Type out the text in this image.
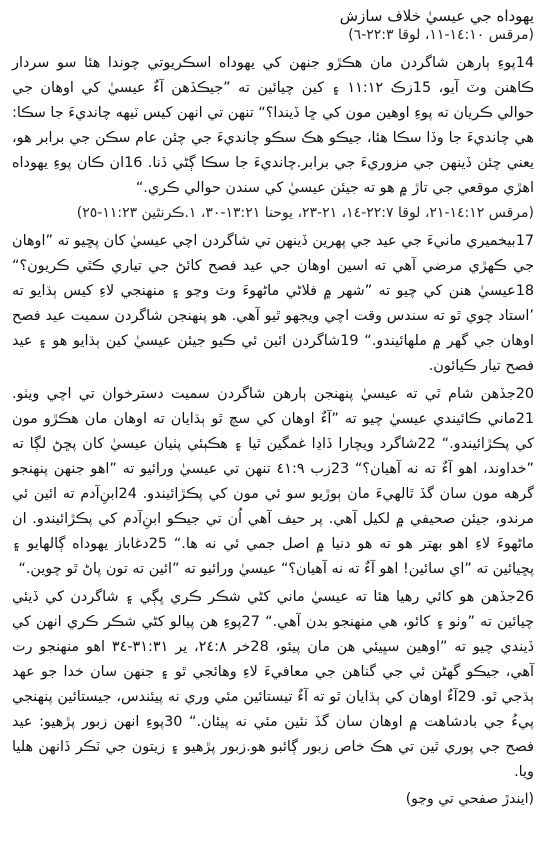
يهوداه جي عيسيٰ خلاف سازش
(مرقس ١٤:١٠-١١، لوقا ٢٢:٣-٦)

14پوءِ ٻارهن شاگردن مان هڪڙو جنهن کي يهوداه اسڪريوتي چوندا هئا سو سردار ڪاهنن وٽ آيو، 15زڪ ١١:١٢ ۽ کين چيائين ته ”جيڪڏهن آءٌ عيسيٰ کي اوهان جي حوالي ڪريان ته پوءِ اوهين مون کي ڇا ڏيندا؟“ تنهن تي انهن کيس ٽيهه چانديءَ جا سڪا: هي چانديءَ جا وڏا سڪا هئا، جيڪو هڪ سڪو چانديءَ جي چئن عام سڪن جي برابر هو، يعني چئن ڏينهن جي مزوريءَ جي برابر.چانديءَ جا سڪا ڳڻي ڏنا. 16ان ڪان پوءِ يهوداه اهڙي موقعي جي تاڙ ۾ هو ته جيئن عيسيٰ کي سندن حوالي ڪري.“

(مرقس ١٤:١٢-٢١، لوقا ٢٢:٧-١٤، ٢١-٢٣، يوحنا ١٣:٢١-٣٠، ١.ڪرنٿين ١١:٢٣-٢٥)

17بيخميري ماني‌ءَ جي عيد جي پهرين ڏينهن تي شاگردن اچي عيسيٰ کان پڇيو ته ”اوهان جي ڪهڙي مرضي آهي ته اسين اوهان جي عيد فصح کائڻ جي تياري ڪٿي ڪريون؟“ 18عيسيٰ هنن کي چيو ته ”شهر ۾ فلاڻي ماڻهوءَ وٽ وڃو ۽ منهنجي لاءِ کيس ٻڌايو ته ’استاد چوي ٿو ته سندس وقت اچي ويجهو ٿيو آهي. هو پنهنجن شاگردن سميت عيد فصح اوهان جي گهر ۾ ملهائيندو.“ 19شاگردن ائين ئي ڪيو جيئن عيسيٰ کين ٻڌايو هو ۽ عيد فصح تيار ڪيائون.

20جڏهن شام ٿي ته عيسيٰ پنهنجن ٻارهن شاگردن سميت دسترخوان تي اچي ويٺو. 21ماني ڪائيندي عيسيٰ چيو ته ”آءٌ اوهان کي سچ ٿو ٻڌايان ته اوهان مان هڪڙو مون کي پڪڙائيندو.“ 22شاگرد ويچارا ڏاڍا غمگين ٿيا ۽ هڪٻئي پٺيان عيسيٰ کان پڇڻ لڳا ته ”خداوند، اهو آءٌ ته نه آهيان؟“ 23زب ٤١:٩ تنهن تي عيسيٰ ورائيو ته ”اهو جنهن پنهنجو گرهه مون سان گڏ ٿالهيءَ مان ٻوڙيو سو ئي مون کي پڪڙائيندو. 24ابنِ‌آدم ته ائين ئي مرندو، جيئن صحيفي ۾ لکيل آهي. پر حيف آهي اُن تي جيڪو ابنِ‌آدم کي پڪڙائيندو. ان ماڻهوءَ لاءِ اهو بهتر هو ته هو دنيا ۾ اصل جمي ئي نه ها.“ 25دغاباز يهوداه ڳالهايو ۽ پڇيائين ته ”اي سائين! اهو آءٌ ته نه آهيان؟“ عيسيٰ ورائيو ته ”ائين ته تون پاڻ ٿو چوين.“

26جڏهن هو کائي رهيا هئا ته عيسيٰ ماني کڻي شڪر ڪري ڀڳي ۽ شاگردن کي ڏيئي چيائين ته ”وٺو ۽ کائو، هي منهنجو بدن آهي.“ 27پوءِ هن پيالو کڻي شڪر ڪري انهن کي ڏيندي چيو ته ”اوهين سڀيئي هن مان پيئو، 28خر ٢٤:٨، ير ٣١:٣١-٣٤ اهو منهنجو رت آهي، جيڪو گهڻن ئي جي گناهن جي معافيءَ لاءِ وهائجي ٿو ۽ جنهن سان خدا جو عهد ٻڌجي ٿو. 29آءٌ اوهان کي ٻڌايان ٿو ته آءٌ تيستائين مئي وري نه پيئندس، جيستائين پنهنجي پيءُ جي بادشاهت ۾ اوهان سان گڏ نئين مئي نه پيئان.“ 30پوءِ انهن زبور پڙهيو: عيد فصح جي پوري ٿين تي هڪ خاص زبور ڳائبو هو.زبور پڙهيو ۽ زيتون جي ٽڪر ڏانهن هليا ويا.

(ايندڙ صفحي تي وڃو)
